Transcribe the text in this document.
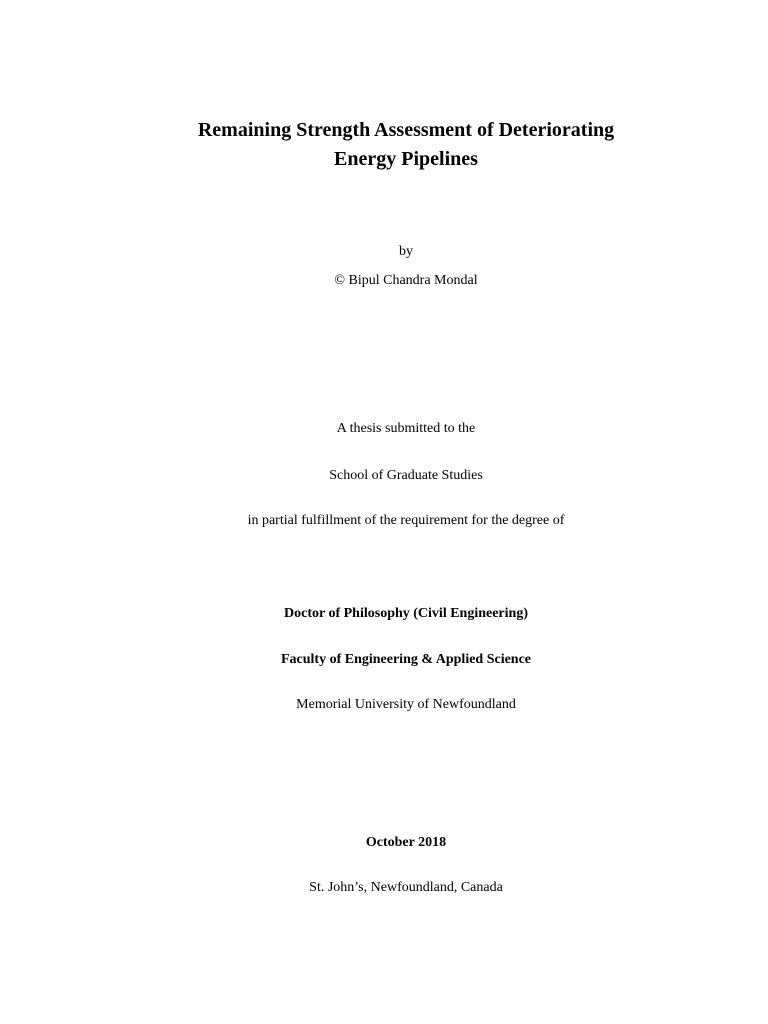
Remaining Strength Assessment of Deteriorating
Energy Pipelines
by
© Bipul Chandra Mondal
A thesis submitted to the
School of Graduate Studies
in partial fulfillment of the requirement for the degree of
Doctor of Philosophy (Civil Engineering)
Faculty of Engineering & Applied Science
Memorial University of Newfoundland
October 2018
St. John’s, Newfoundland, Canada
